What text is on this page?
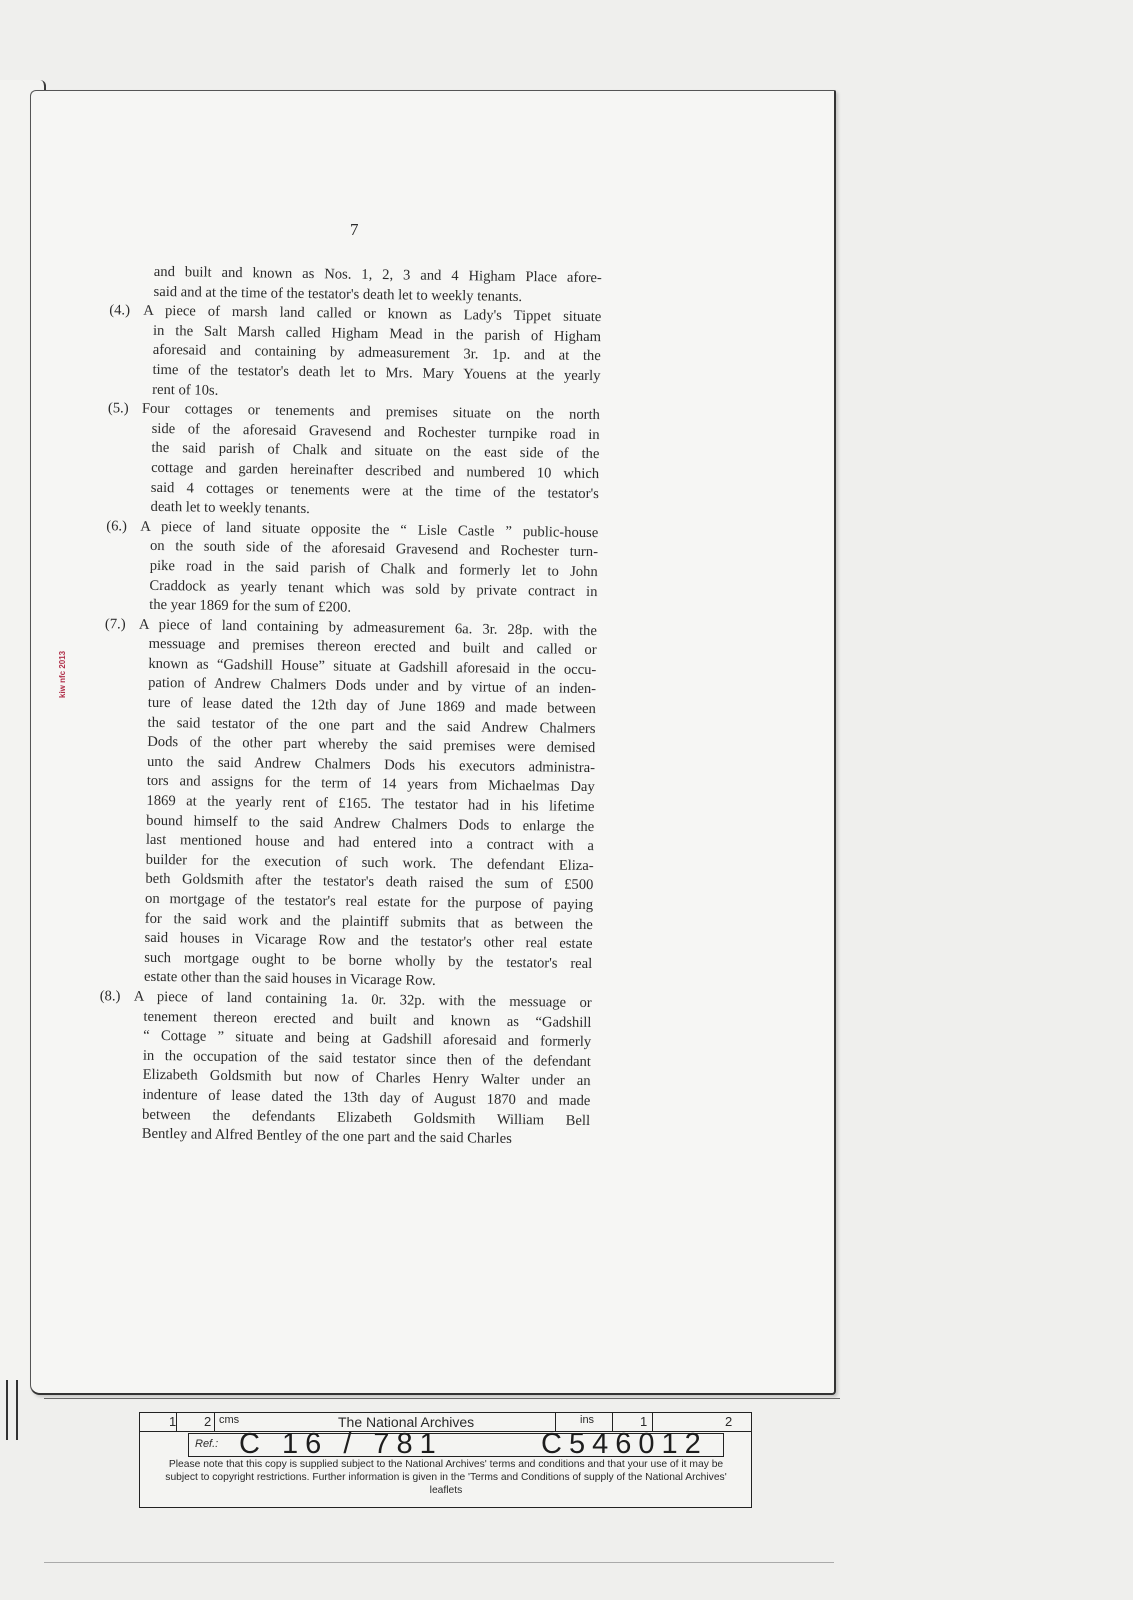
7
kiw nfc 2013

and built and known as Nos. 1, 2, 3 and 4 Higham Place afore-
said and at the time of the testator's death let to weekly tenants.

(4.) A piece of marsh land called or known as Lady's Tippet situate
in the Salt Marsh called Higham Mead in the parish of Higham
aforesaid and containing by admeasurement 3r. 1p. and at the
time of the testator's death let to Mrs. Mary Youens at the yearly
rent of 10s.

(5.) Four cottages or tenements and premises situate on the north
side of the aforesaid Gravesend and Rochester turnpike road in
the said parish of Chalk and situate on the east side of the
cottage and garden hereinafter described and numbered 10 which
said 4 cottages or tenements were at the time of the testator's
death let to weekly tenants.

(6.) A piece of land situate opposite the “ Lisle Castle ” public-house
on the south side of the aforesaid Gravesend and Rochester turn-
pike road in the said parish of Chalk and formerly let to John
Craddock as yearly tenant which was sold by private contract in
the year 1869 for the sum of £200.

(7.) A piece of land containing by admeasurement 6a. 3r. 28p. with the
messuage and premises thereon erected and built and called or
known as “Gadshill House” situate at Gadshill aforesaid in the occu-
pation of Andrew Chalmers Dods under and by virtue of an inden-
ture of lease dated the 12th day of June 1869 and made between
the said testator of the one part and the said Andrew Chalmers
Dods of the other part whereby the said premises were demised
unto the said Andrew Chalmers Dods his executors administra-
tors and assigns for the term of 14 years from Michaelmas Day
1869 at the yearly rent of £165. The testator had in his lifetime
bound himself to the said Andrew Chalmers Dods to enlarge the
last mentioned house and had entered into a contract with a
builder for the execution of such work. The defendant Eliza-
beth Goldsmith after the testator's death raised the sum of £500
on mortgage of the testator's real estate for the purpose of paying
for the said work and the plaintiff submits that as between the
said houses in Vicarage Row and the testator's other real estate
such mortgage ought to be borne wholly by the testator's real
estate other than the said houses in Vicarage Row.

(8.) A piece of land containing 1a. 0r. 32p. with the messuage or
tenement thereon erected and built and known as “Gadshill
“ Cottage ” situate and being at Gadshill aforesaid and formerly
in the occupation of the said testator since then of the defendant
Elizabeth Goldsmith but now of Charles Henry Walter under an
indenture of lease dated the 13th day of August 1870 and made
between the defendants Elizabeth Goldsmith William Bell
Bentley and Alfred Bentley of the one part and the said Charles

1 2 cms	The National Archives	ins	1	2
Ref.: C 16 / 781	C546012
Please note that this copy is supplied subject to the National Archives' terms and conditions and that your use of it may be subject to copyright restrictions. Further information is given in the 'Terms and Conditions of supply of the National Archives' leaflets
